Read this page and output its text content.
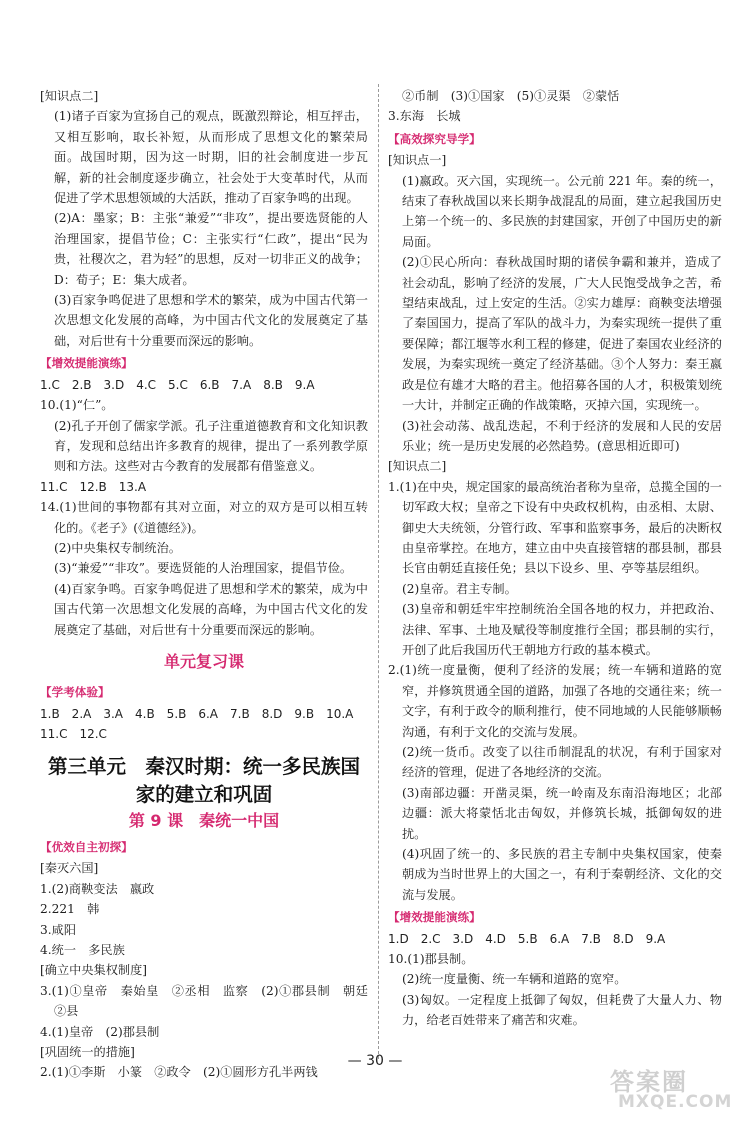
[知识点二]

(1)诸子百家为宣扬自己的观点，既激烈辩论，相互抨击，又相互影响，取长补短，从而形成了思想文化的繁荣局面。战国时期，因为这一时期，旧的社会制度进一步瓦解，新的社会制度逐步确立，社会处于大变革时代，从而促进了学术思想领域的大活跃，推动了百家争鸣的出现。

(2)A：墨家；B：主张“兼爱”“非攻”，提出要选贤能的人治理国家，提倡节俭；C：主张实行“仁政”，提出“民为贵，社稷次之，君为轻”的思想，反对一切非正义的战争；D：荀子；E：集大成者。

(3)百家争鸣促进了思想和学术的繁荣，成为中国古代第一次思想文化发展的高峰，为中国古代文化的发展奠定了基础，对后世有十分重要而深远的影响。

【增效提能演练】

1.C　2.B　3.D　4.C　5.C　6.B　7.A　8.B　9.A

10.(1)“仁”。

(2)孔子开创了儒家学派。孔子注重道德教育和文化知识教育，发现和总结出许多教育的规律，提出了一系列教学原则和方法。这些对古今教育的发展都有借鉴意义。

11.C　12.B　13.A

14.(1)世间的事物都有其对立面，对立的双方是可以相互转化的。《老子》(《道德经》)。

(2)中央集权专制统治。

(3)“兼爱”“非攻”。要选贤能的人治理国家，提倡节俭。

(4)百家争鸣。百家争鸣促进了思想和学术的繁荣，成为中国古代第一次思想文化发展的高峰，为中国古代文化的发展奠定了基础，对后世有十分重要而深远的影响。

单元复习课

【学考体验】

1.B　2.A　3.A　4.B　5.B　6.A　7.B　8.D　9.B　10.A

11.C　12.C

第三单元　秦汉时期：统一多民族国家的建立和巩固

第 9 课　秦统一中国

【优效自主初探】

[秦灭六国]

1.(2)商鞅变法　嬴政

2.221　韩

3.咸阳

4.统一　多民族

[确立中央集权制度]

3.(1)①皇帝　秦始皇　②丞相　监察　(2)①郡县制　朝廷　②县

4.(1)皇帝　(2)郡县制

[巩固统一的措施]

2.(1)①李斯　小篆　②政令　(2)①圆形方孔半两钱

②币制　(3)①国家　(5)①灵渠　②蒙恬

3.东海　长城

【高效探究导学】

[知识点一]

(1)嬴政。灭六国，实现统一。公元前 221 年。秦的统一，结束了春秋战国以来长期争战混乱的局面，建立起我国历史上第一个统一的、多民族的封建国家，开创了中国历史的新局面。

(2)①民心所向：春秋战国时期的诸侯争霸和兼并，造成了社会动乱，影响了经济的发展，广大人民饱受战争之苦，希望结束战乱，过上安定的生活。②实力雄厚：商鞅变法增强了秦国国力，提高了军队的战斗力，为秦实现统一提供了重要保障；都江堰等水利工程的修建，促进了秦国农业经济的发展，为秦实现统一奠定了经济基础。③个人努力：秦王嬴政是位有雄才大略的君主。他招募各国的人才，积极策划统一大计，并制定正确的作战策略，灭掉六国，实现统一。

(3)社会动荡、战乱迭起，不利于经济的发展和人民的安居乐业；统一是历史发展的必然趋势。(意思相近即可)

[知识点二]

1.(1)在中央，规定国家的最高统治者称为皇帝，总揽全国的一切军政大权；皇帝之下设有中央政权机构，由丞相、太尉、御史大夫统领，分管行政、军事和监察事务，最后的决断权由皇帝掌控。在地方，建立由中央直接管辖的郡县制，郡县长官由朝廷直接任免；县以下设乡、里、亭等基层组织。

(2)皇帝。君主专制。

(3)皇帝和朝廷牢牢控制统治全国各地的权力，并把政治、法律、军事、土地及赋役等制度推行全国；郡县制的实行，开创了此后我国历代王朝地方行政的基本模式。

2.(1)统一度量衡，便利了经济的发展；统一车辆和道路的宽窄，并修筑贯通全国的道路，加强了各地的交通往来；统一文字，有利于政令的顺利推行，使不同地域的人民能够顺畅沟通，有利于文化的交流与发展。

(2)统一货币。改变了以往币制混乱的状况，有利于国家对经济的管理，促进了各地经济的交流。

(3)南部边疆：开凿灵渠，统一岭南及东南沿海地区；北部边疆：派大将蒙恬北击匈奴，并修筑长城，抵御匈奴的进扰。

(4)巩固了统一的、多民族的君主专制中央集权国家，使秦朝成为当时世界上的大国之一，有利于秦朝经济、文化的交流与发展。

【增效提能演练】

1.D　2.C　3.D　4.D　5.B　6.A　7.B　8.D　9.A

10.(1)郡县制。

(2)统一度量衡、统一车辆和道路的宽窄。

(3)匈奴。一定程度上抵御了匈奴，但耗费了大量人力、物力，给老百姓带来了痛苦和灾难。

— 30 —
答案圈
MXQE.COM
